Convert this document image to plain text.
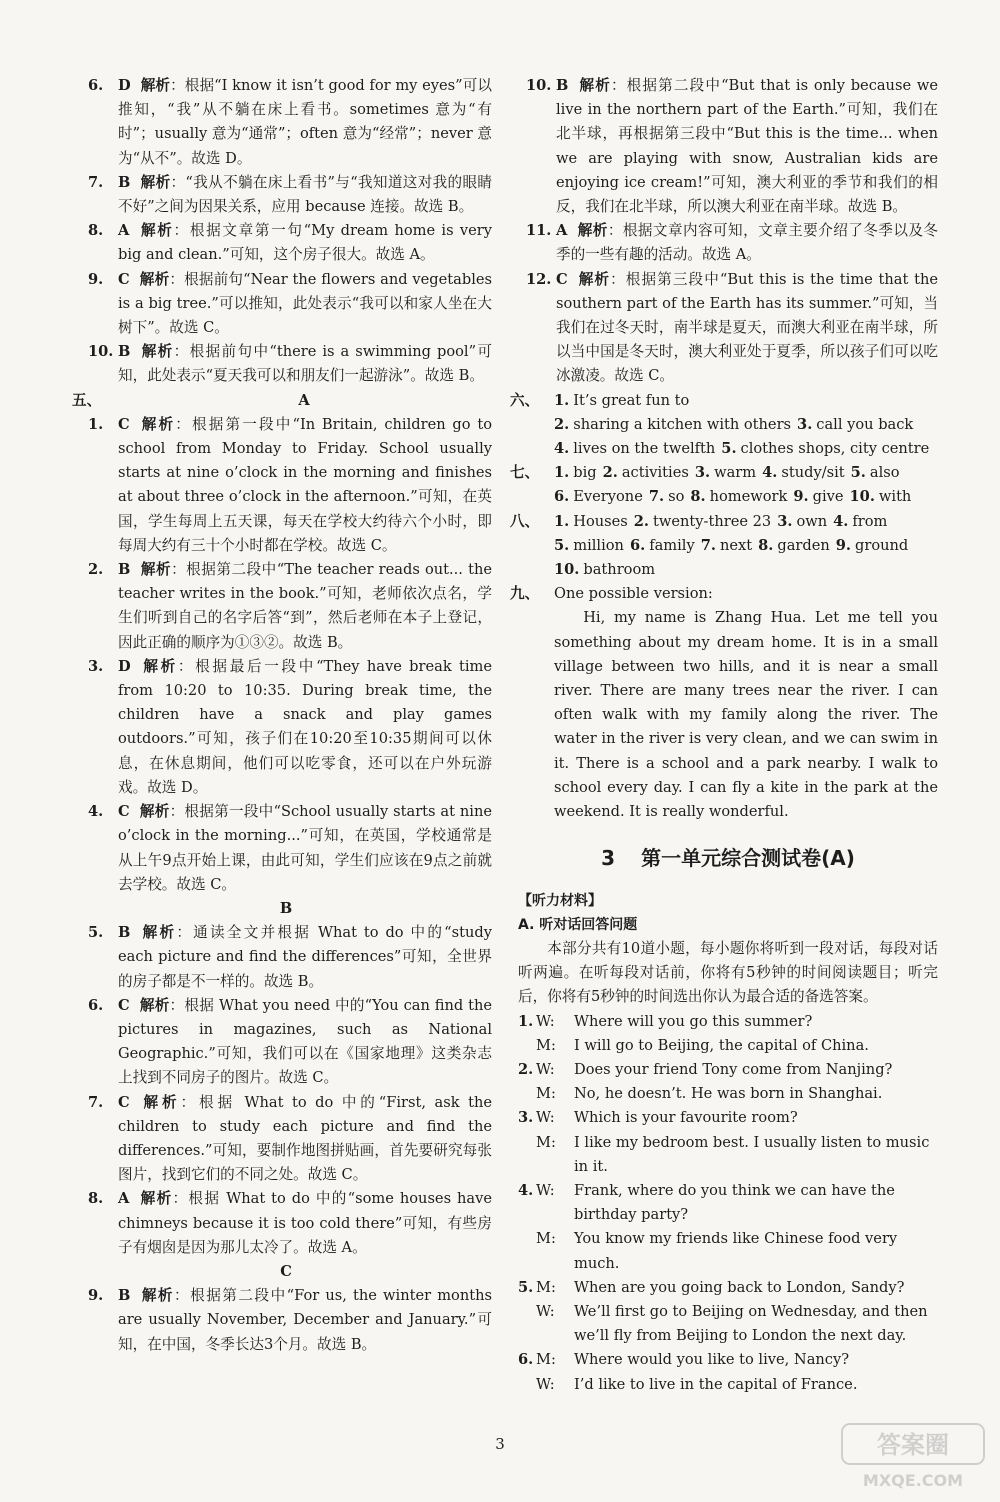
6. D 解析：根据“I know it isn’t good for my eyes”可以推知，“我”从不躺在床上看书。sometimes 意为“有时”；usually 意为“通常”；often 意为“经常”；never 意为“从不”。故选 D。
7. B 解析：“我从不躺在床上看书”与“我知道这对我的眼睛不好”之间为因果关系，应用 because 连接。故选 B。
8. A 解析：根据文章第一句“My dream home is very big and clean.”可知，这个房子很大。故选 A。
9. C 解析：根据前句“Near the flowers and vegetables is a big tree.”可以推知，此处表示“我可以和家人坐在大树下”。故选 C。
10. B 解析：根据前句中“there is a swimming pool”可知，此处表示“夏天我可以和朋友们一起游泳”。故选 B。
五、	A
1. C 解析：根据第一段中“In Britain, children go to school from Monday to Friday. School usually starts at nine o’clock in the morning and finishes at about three o’clock in the afternoon.”可知，在英国，学生每周上五天课，每天在学校大约待六个小时，即每周大约有三十个小时都在学校。故选 C。
2. B 解析：根据第二段中“The teacher reads out... the teacher writes in the book.”可知，老师依次点名，学生们听到自己的名字后答“到”，然后老师在本子上登记，因此正确的顺序为①③②。故选 B。
3. D 解析：根据最后一段中“They have break time from 10:20 to 10:35. During break time, the children have a snack and play games outdoors.”可知，孩子们在10:20至10:35期间可以休息，在休息期间，他们可以吃零食，还可以在户外玩游戏。故选 D。
4. C 解析：根据第一段中“School usually starts at nine o’clock in the morning...”可知，在英国，学校通常是从上午9点开始上课，由此可知，学生们应该在9点之前就去学校。故选 C。
B
5. B 解析：通读全文并根据 What to do 中的“study each picture and find the differences”可知，全世界的房子都是不一样的。故选 B。
6. C 解析：根据 What you need 中的“You can find the pictures in magazines, such as National Geographic.”可知，我们可以在《国家地理》这类杂志上找到不同房子的图片。故选 C。
7. C 解析：根据 What to do 中的“First, ask the children to study each picture and find the differences.”可知，要制作地图拼贴画，首先要研究每张图片，找到它们的不同之处。故选 C。
8. A 解析：根据 What to do 中的“some houses have chimneys because it is too cold there”可知，有些房子有烟囱是因为那儿太冷了。故选 A。
C
9. B 解析：根据第二段中“For us, the winter months are usually November, December and January.”可知，在中国，冬季长达3个月。故选 B。
10. B 解析：根据第二段中“But that is only because we live in the northern part of the Earth.”可知，我们在北半球，再根据第三段中“But this is the time... when we are playing with snow, Australian kids are enjoying ice cream!”可知，澳大利亚的季节和我们的相反，我们在北半球，所以澳大利亚在南半球。故选 B。
11. A 解析：根据文章内容可知，文章主要介绍了冬季以及冬季的一些有趣的活动。故选 A。
12. C 解析：根据第三段中“But this is the time that the southern part of the Earth has its summer.”可知，当我们在过冬天时，南半球是夏天，而澳大利亚在南半球，所以当中国是冬天时，澳大利亚处于夏季，所以孩子们可以吃冰激凌。故选 C。
六、 1. It’s great fun to2. sharing a kitchen with others 3. call you back4. lives on the twelfth 5. clothes shops, city centre
七、 1. big 2. activities 3. warm 4. study/sit 5. also6. Everyone 7. so 8. homework 9. give 10. with
八、 1. Houses 2. twenty-three 23 3. own 4. from5. million 6. family 7. next 8. garden 9. ground10. bathroom
九、 One possible version:
Hi, my name is Zhang Hua. Let me tell you something about my dream home. It is in a small village between two hills, and it is near a small river. There are many trees near the river. I can often walk with my family along the river. The water in the river is very clean, and we can swim in it. There is a school and a park nearby. I walk to school every day. I can fly a kite in the park at the weekend. It is really wonderful.
3 第一单元综合测试卷(A)
【听力材料】
A. 听对话回答问题
本部分共有10道小题，每小题你将听到一段对话，每段对话听两遍。在听每段对话前，你将有5秒钟的时间阅读题目；听完后，你将有5秒钟的时间选出你认为最合适的备选答案。
1. W: Where will you go this summer?
M: I will go to Beijing, the capital of China.
2. W: Does your friend Tony come from Nanjing?
M: No, he doesn’t. He was born in Shanghai.
3. W: Which is your favourite room?
M: I like my bedroom best. I usually listen to music in it.
4. W: Frank, where do you think we can have the birthday party?
M: You know my friends like Chinese food very much.
5. M: When are you going back to London, Sandy?
W: We’ll first go to Beijing on Wednesday, and then we’ll fly from Beijing to London the next day.
6. M: Where would you like to live, Nancy?
W: I’d like to live in the capital of France.
3	答案圈
MXQE.COM
